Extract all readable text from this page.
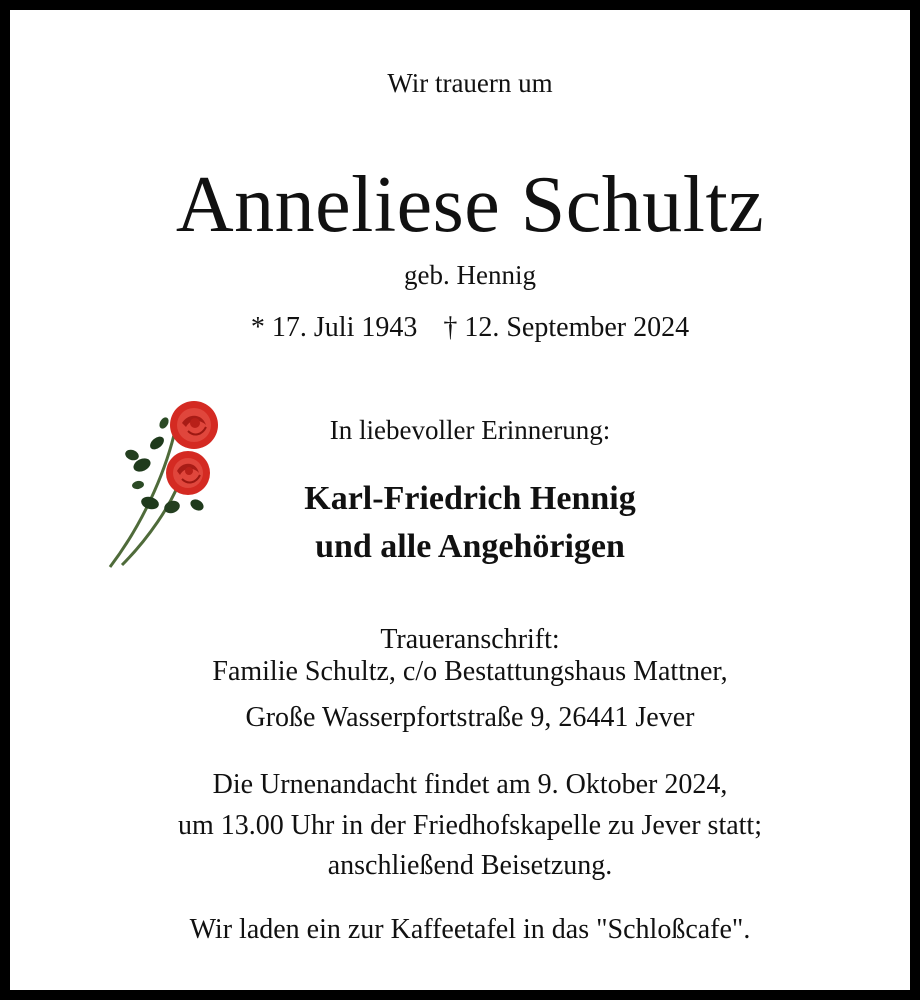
Wir trauern um
Anneliese Schultz
geb. Hennig
* 17. Juli 1943 † 12. September 2024
In liebevoller Erinnerung:
Karl-Friedrich Hennig
und alle Angehörigen
Traueranschrift:
Familie Schultz, c/o Bestattungshaus Mattner,
Große Wasserpfortstraße 9, 26441 Jever
Die Urnenandacht findet am 9. Oktober 2024,
um 13.00 Uhr in der Friedhofskapelle zu Jever statt;
anschließend Beisetzung.
Wir laden ein zur Kaffeetafel in das "Schloßcafe".
